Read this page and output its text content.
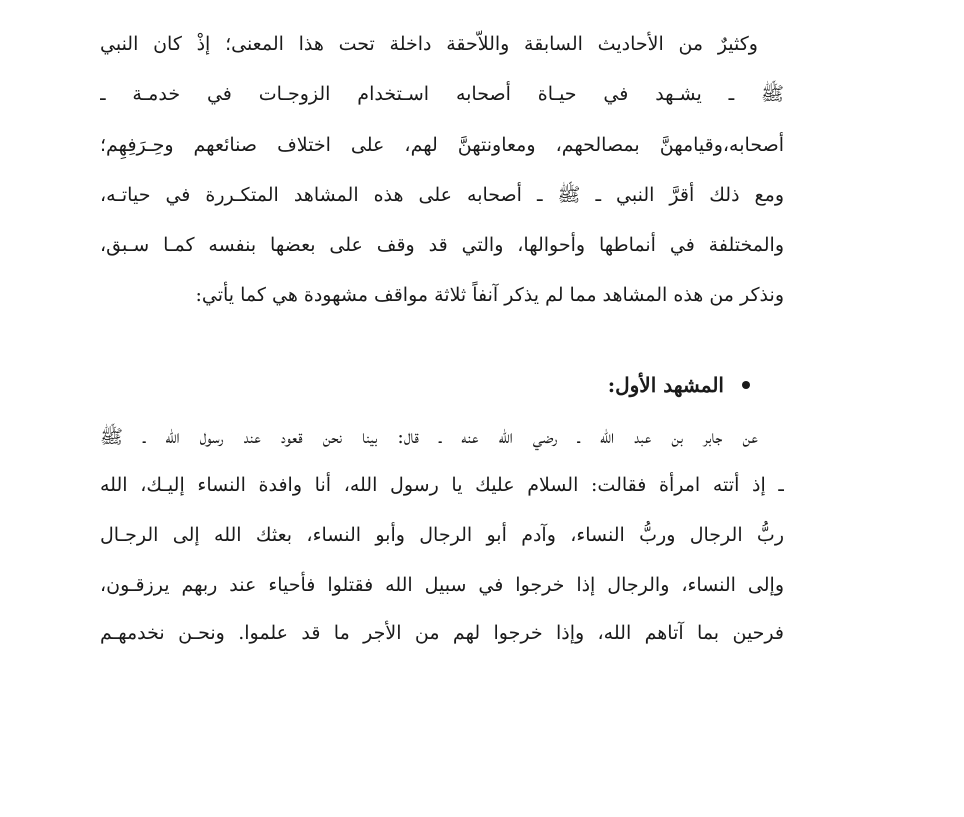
وكثيرٌ من الأحاديث السابقة واللاّحقة داخلة تحت هذا المعنى؛ إذْ كان النبي
ﷺ ـ يشـهد في حيـاة أصحابه اسـتخدام الزوجـات في خدمـة ـ
أصحابه،وقيامهنَّ بمصالحهم، ومعاونتهنَّ لهم، على اختلاف صنائعهم وحِـرَفِهِم؛
ومع ذلك أقرَّ النبي ـ ﷺ ـ أصحابه على هذه المشاهد المتكـررة في حياتـه،
والمختلفة في أنماطها وأحوالها، والتي قد وقف على بعضها بنفسه كمـا سـبق،
ونذكر من هذه المشاهد مما لم يذكر آنفاً ثلاثة مواقف مشهودة هي كما يأتي:
المشهد الأول:
عن جابر بن عبد الله ـ رضي الله عنه ـ قال: بينا نحن قعود عند رسول الله ـ ﷺ
ـ إذ أتته امرأة فقالت: السلام عليك يا رسول الله، أنا وافدة النساء إليـك، الله
ربُّ الرجال وربُّ النساء، وآدم أبو الرجال وأبو النساء، بعثك الله إلى الرجـال
وإلى النساء، والرجال إذا خرجوا في سبيل الله فقتلوا فأحياء عند ربهم يرزقـون،
فرحين بما آتاهم الله، وإذا خرجوا لهم من الأجر ما قد علموا. ونحـن نخدمهـم
